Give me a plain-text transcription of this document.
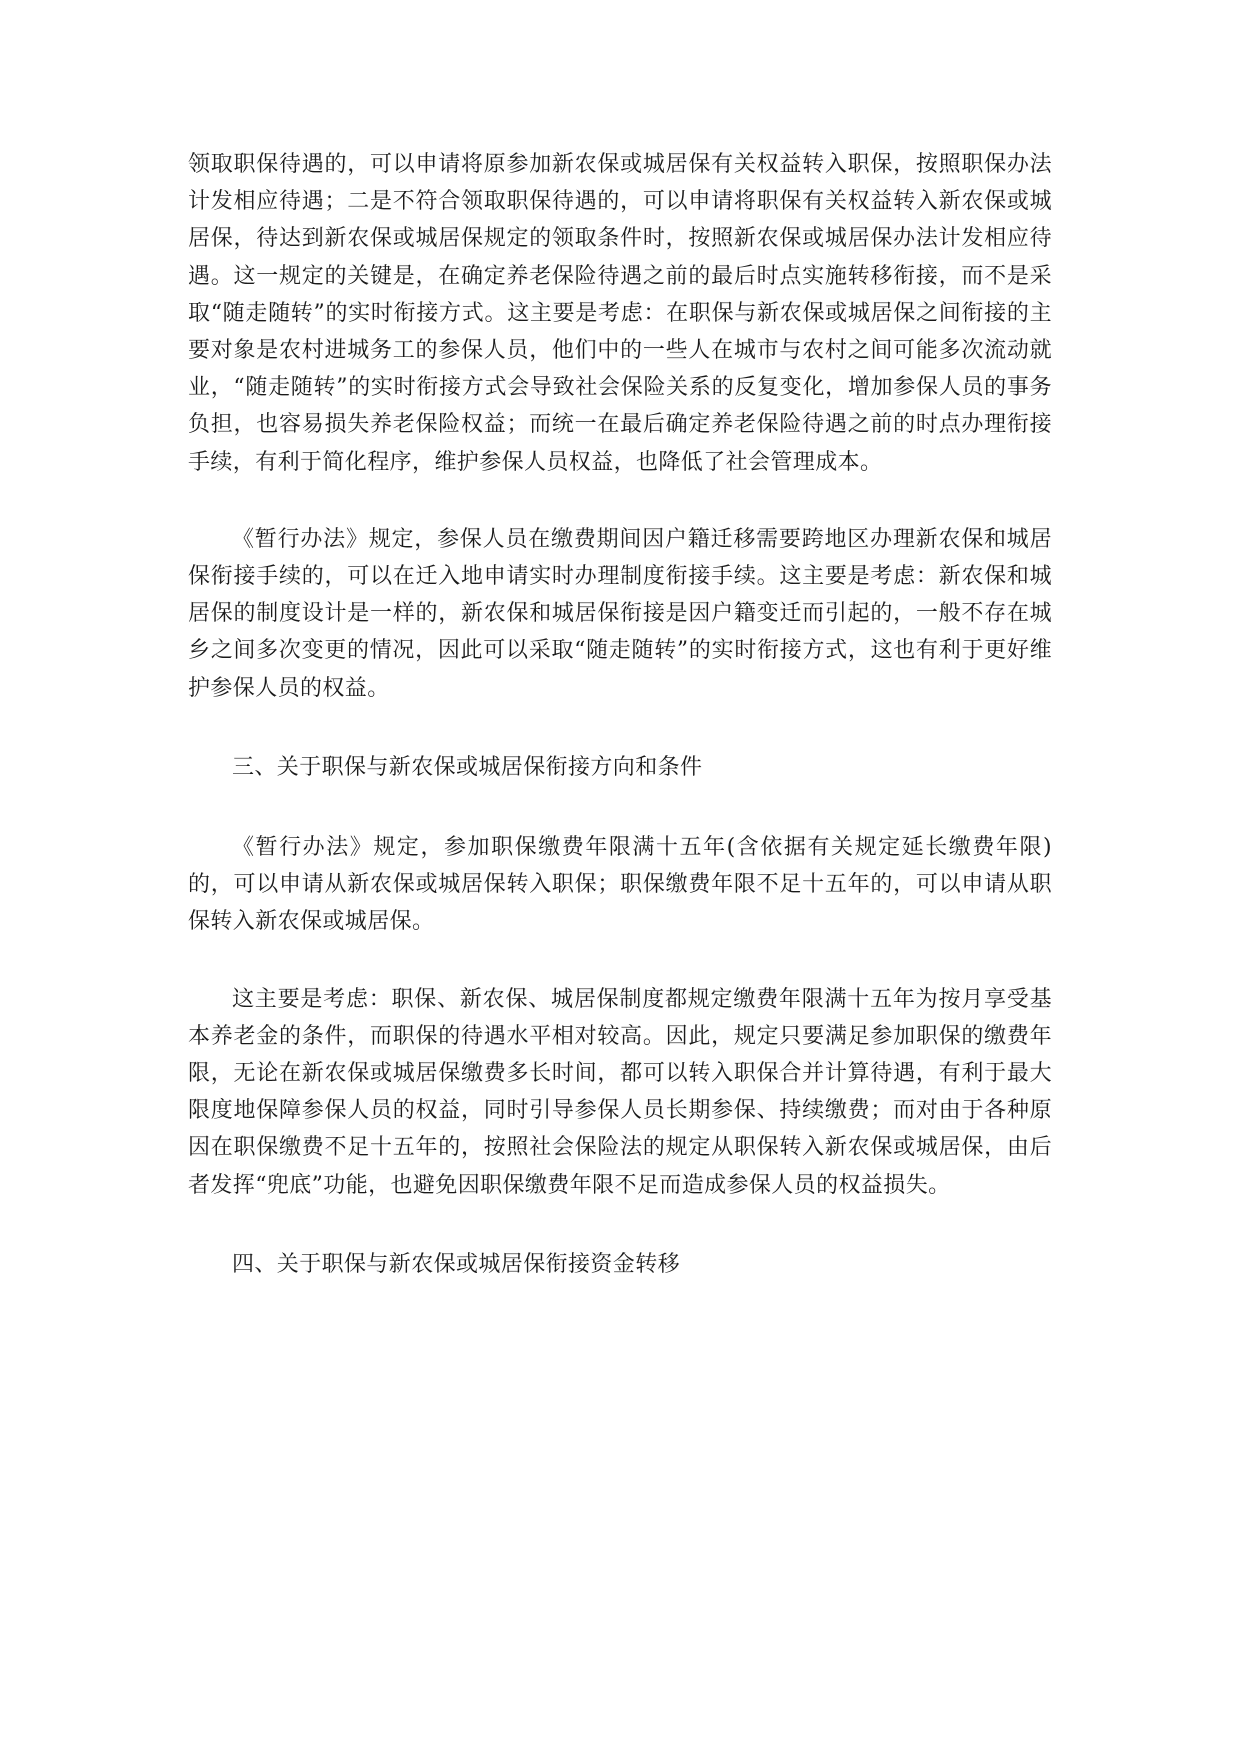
领取职保待遇的，可以申请将原参加新农保或城居保有关权益转入职保，按照职保办法计发相应待遇；二是不符合领取职保待遇的，可以申请将职保有关权益转入新农保或城居保，待达到新农保或城居保规定的领取条件时，按照新农保或城居保办法计发相应待遇。这一规定的关键是，在确定养老保险待遇之前的最后时点实施转移衔接，而不是采取“随走随转”的实时衔接方式。这主要是考虑：在职保与新农保或城居保之间衔接的主要对象是农村进城务工的参保人员，他们中的一些人在城市与农村之间可能多次流动就业，“随走随转”的实时衔接方式会导致社会保险关系的反复变化，增加参保人员的事务负担，也容易损失养老保险权益；而统一在最后确定养老保险待遇之前的时点办理衔接手续，有利于简化程序，维护参保人员权益，也降低了社会管理成本。

《暂行办法》规定，参保人员在缴费期间因户籍迁移需要跨地区办理新农保和城居保衔接手续的，可以在迁入地申请实时办理制度衔接手续。这主要是考虑：新农保和城居保的制度设计是一样的，新农保和城居保衔接是因户籍变迁而引起的，一般不存在城乡之间多次变更的情况，因此可以采取“随走随转”的实时衔接方式，这也有利于更好维护参保人员的权益。

三、关于职保与新农保或城居保衔接方向和条件

《暂行办法》规定，参加职保缴费年限满十五年(含依据有关规定延长缴费年限)的，可以申请从新农保或城居保转入职保；职保缴费年限不足十五年的，可以申请从职保转入新农保或城居保。

这主要是考虑：职保、新农保、城居保制度都规定缴费年限满十五年为按月享受基本养老金的条件，而职保的待遇水平相对较高。因此，规定只要满足参加职保的缴费年限，无论在新农保或城居保缴费多长时间，都可以转入职保合并计算待遇，有利于最大限度地保障参保人员的权益，同时引导参保人员长期参保、持续缴费；而对由于各种原因在职保缴费不足十五年的，按照社会保险法的规定从职保转入新农保或城居保，由后者发挥“兜底”功能，也避免因职保缴费年限不足而造成参保人员的权益损失。

四、关于职保与新农保或城居保衔接资金转移
